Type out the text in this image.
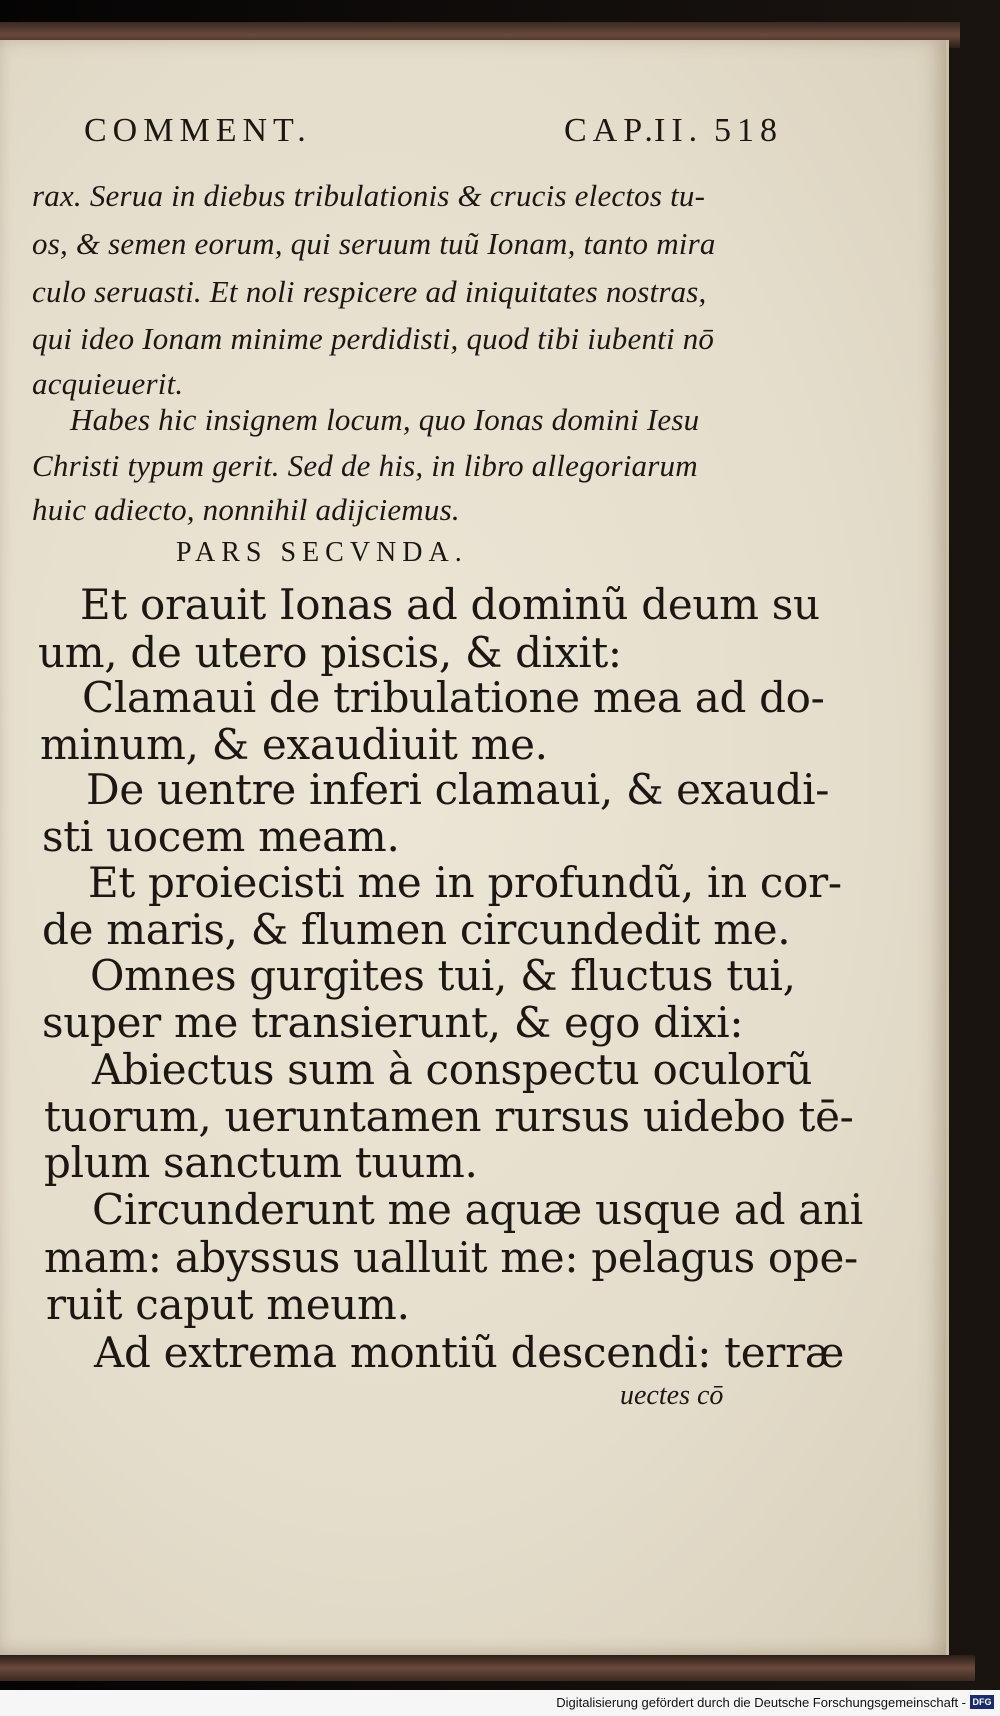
COMMENT.	CAP.II. 518
rax. Serua in diebus tribulationis & crucis electos tu-
os, & semen eorum, qui seruum tuũ Ionam, tanto mira
culo seruasti. Et noli respicere ad iniquitates nostras,
qui ideo Ionam minime perdidisti, quod tibi iubenti nō
acquieuerit.
Habes hic insignem locum, quo Ionas domini Iesu
Christi typum gerit. Sed de his, in libro allegoriarum
huic adiecto, nonnihil adijciemus.
PARS SECVNDA.
Et orauit Ionas ad dominũ deum su
um, de utero piscis, & dixit:
Clamaui de tribulatione mea ad do-
minum, & exaudiuit me.
De uentre inferi clamaui, & exaudi-
sti uocem meam.
Et proiecisti me in profundũ, in cor-
de maris, & flumen circundedit me.
Omnes gurgites tui, & fluctus tui,
super me transierunt, & ego dixi:
Abiectus sum à conspectu oculorũ
tuorum, ueruntamen rursus uidebo tē-
plum sanctum tuum.
Circunderunt me aquæ usque ad ani
mam: abyssus ualluit me: pelagus ope-
ruit caput meum.
Ad extrema montiũ descendi: terræ
uectes cō
Digitalisierung gefördert durch die Deutsche Forschungsgemeinschaft - DFG
